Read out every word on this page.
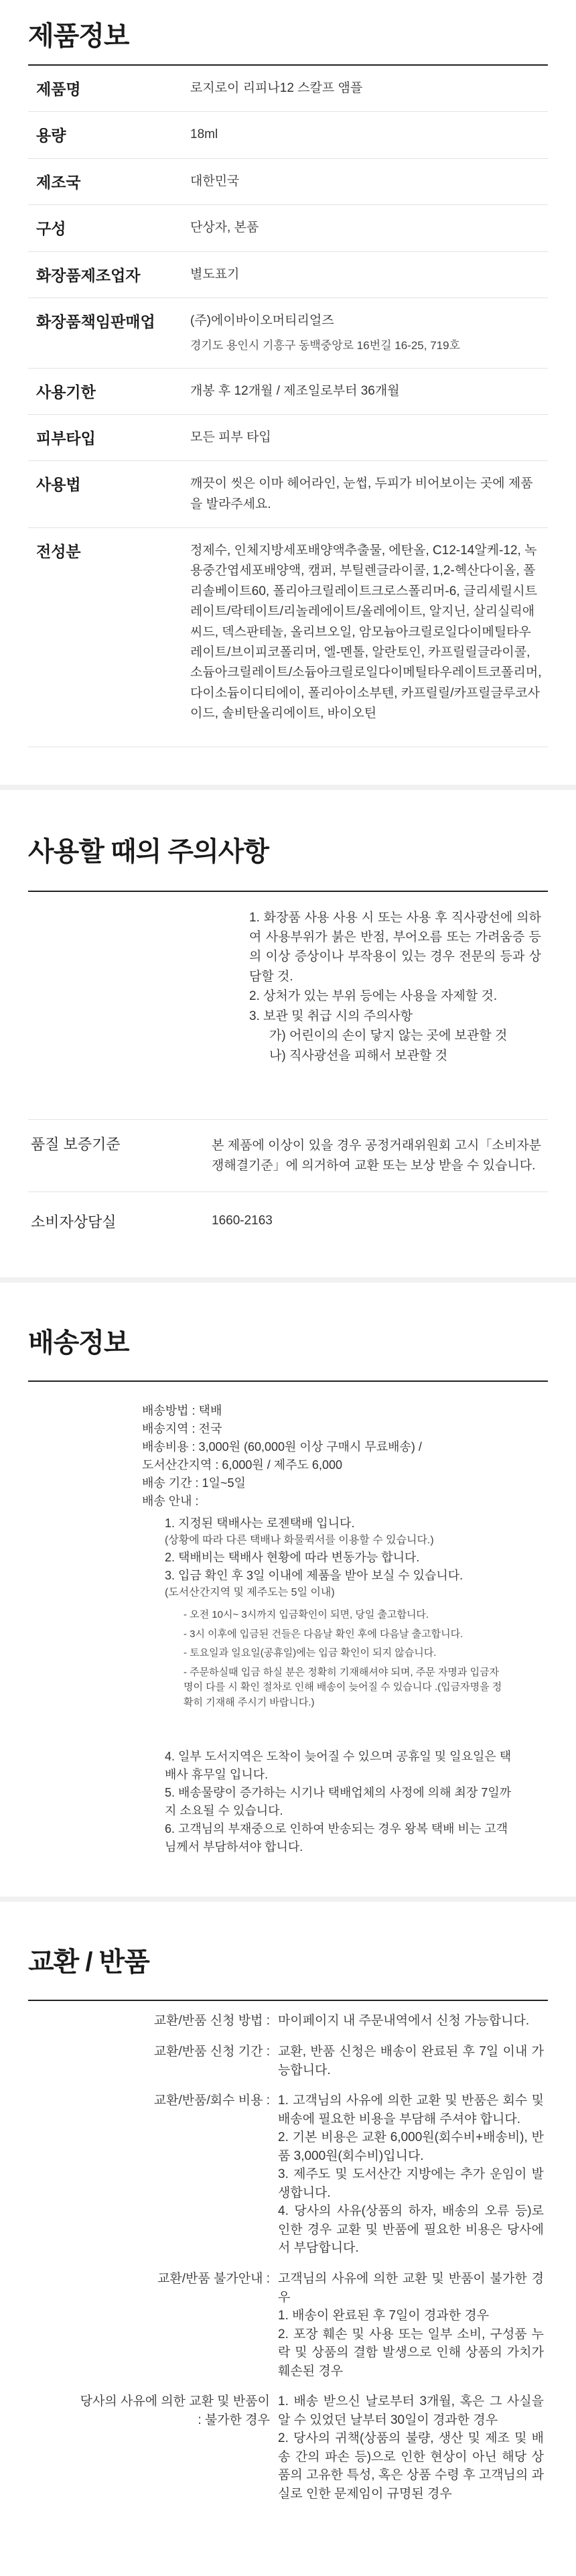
제품정보
제품명	로지로이 리피나12 스칼프 앰플
용량	18ml
제조국	대한민국
구성	단상자, 본품
화장품제조업자	별도표기
화장품책임판매업	(주)에이바이오머티리얼즈
경기도 용인시 기흥구 동백중앙로 16번길 16-25, 719호
사용기한	개봉 후 12개월 / 제조일로부터 36개월
피부타입	모든 피부 타입
사용법	깨끗이 씻은 이마 헤어라인, 눈썹, 두피가 비어보이는 곳에 제품을 발라주세요.
전성분	정제수, 인체지방세포배양액추출물, 에탄올, C12-14알케-12, 녹용중간엽세포배양액, 캠퍼, 부틸렌글라이콜, 1,2-헥산다이올, 폴리솔베이트60, 폴리아크릴레이트크로스폴리머-6, 글리세릴시트레이트/락테이트/리놀레에이트/올레에이트, 알지닌, 살리실릭애씨드, 덱스판테놀, 올리브오일, 암모늄아크릴로일다이메틸타우레이트/브이피코폴리머, 엘-멘톨, 알란토인, 카프릴릴글라이콜, 소듐아크릴레이트/소듐아크릴로일다이메틸타우레이트코폴리머, 다이소듐이디티에이, 폴리아이소부텐, 카프릴릴/카프릴글루코사이드, 솔비탄올리에이트, 바이오틴
사용할 때의 주의사항
1. 화장품 사용 사용 시 또는 사용 후 직사광선에 의하여 사용부위가 붉은 반점, 부어오름 또는 가려움증 등의 이상 증상이나 부작용이 있는 경우 전문의 등과 상담할 것.
2. 상처가 있는 부위 등에는 사용을 자제할 것.
3. 보관 및 취급 시의 주의사항
가) 어린이의 손이 닿지 않는 곳에 보관할 것
나) 직사광선을 피해서 보관할 것
품질 보증기준	본 제품에 이상이 있을 경우 공정거래위원회 고시「소비자분쟁해결기준」에 의거하여 교환 또는 보상 받을 수 있습니다.
소비자상담실	1660-2163
배송정보
배송방법 : 택배
배송지역 : 전국
배송비용 : 3,000원 (60,000원 이상 구매시 무료배송) /
도서산간지역 : 6,000원 / 제주도 6,000
배송 기간 : 1일~5일
배송 안내 :
1. 지정된 택배사는 로젠택배 입니다.
(상황에 따라 다른 택배나 화물퀵서를 이용할 수 있습니다.)
2. 택배비는 택배사 현황에 따라 변동가능 합니다.
3. 입금 확인 후 3일 이내에 제품을 받아 보실 수 있습니다.
(도서산간지역 및 제주도는 5일 이내)
- 오전 10시~ 3시까지 입금확인이 되면, 당일 출고합니다.
- 3시 이후에 입금된 건들은 다음날 확인 후에 다음날 출고합니다.
- 토요일과 일요일(공휴일)에는 입금 확인이 되지 않습니다.
- 주문하실때 입금 하실 분은 정확히 기재해셔야 되며, 주문 자명과 입금자명이 다를 시 확인 절차로 인해 배송이 늦어질 수 있습니다 .(입금자명을 정확히 기재해 주시기 바랍니다.)
4. 일부 도서지역은 도착이 늦어질 수 있으며 공휴일 및 일요일은 택배사 휴무일 입니다.
5. 배송물량이 증가하는 시기나 택배업체의 사정에 의해 최장 7일까지 소요될 수 있습니다.
6. 고객님의 부재중으로 인하여 반송되는 경우 왕복 택배 비는 고객님께서 부담하셔야 합니다.
교환 / 반품
교환/반품 신청 방법 : 마이페이지 내 주문내역에서 신청 가능합니다.
교환/반품 신청 기간 : 교환, 반품 신청은 배송이 완료된 후 7일 이내 가능합니다.
교환/반품/회수 비용 : 1. 고객님의 사유에 의한 교환 및 반품은 회수 및 배송에 필요한 비용을 부담해 주셔야 합니다.
2. 기본 비용은 교환 6,000원(회수비+배송비), 반품 3,000원(회수비)입니다.
3. 제주도 및 도서산간 지방에는 추가 운임이 발생합니다.
4. 당사의 사유(상품의 하자, 배송의 오류 등)로 인한 경우 교환 및 반품에 필요한 비용은 당사에서 부담합니다.
교환/반품 불가안내 : 고객님의 사유에 의한 교환 및 반품이 불가한 경우
1. 배송이 완료된 후 7일이 경과한 경우
2. 포장 훼손 및 사용 또는 일부 소비, 구성품 누락 및 상품의 결함 발생으로 인해 상품의 가치가 훼손된 경우
당사의 사유에 의한 교환 및 반품이
: 불가한 경우
1. 배송 받으신 날로부터 3개월, 혹은 그 사실을 알 수 있었던 날부터 30일이 경과한 경우
2. 당사의 귀책(상품의 불량, 생산 및 제조 및 배송 간의 파손 등)으로 인한 현상이 아닌 해당 상품의 고유한 특성, 혹은 상품 수령 후 고객님의 과실로 인한 문제임이 규명된 경우
